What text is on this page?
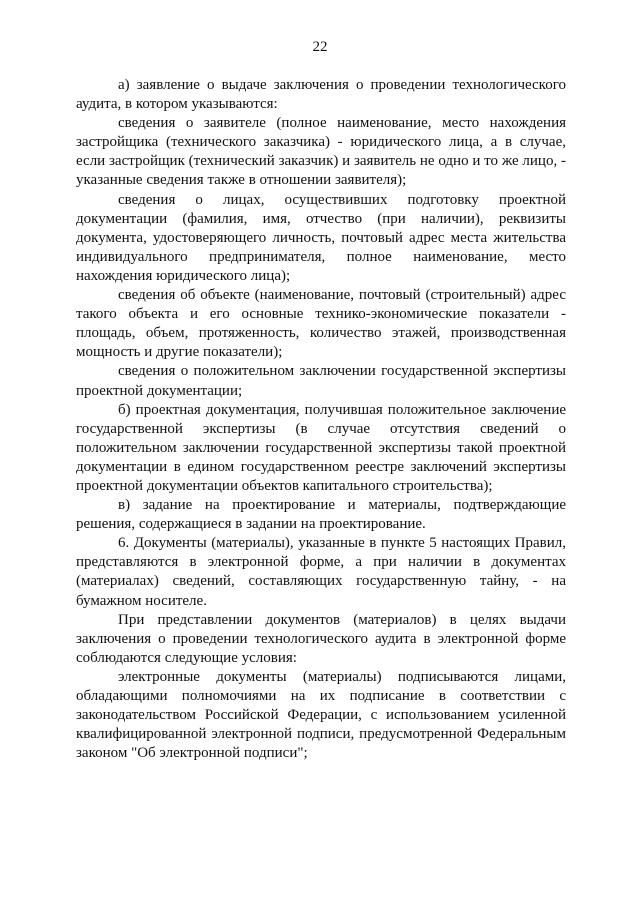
22

а) заявление о выдаче заключения о проведении технологического аудита, в котором указываются:

сведения о заявителе (полное наименование, место нахождения застройщика (технического заказчика) - юридического лица, а в случае, если застройщик (технический заказчик) и заявитель не одно и то же лицо, - указанные сведения также в отношении заявителя);

сведения о лицах, осуществивших подготовку проектной документации (фамилия, имя, отчество (при наличии), реквизиты документа, удостоверяющего личность, почтовый адрес места жительства индивидуального предпринимателя, полное наименование, место нахождения юридического лица);

сведения об объекте (наименование, почтовый (строительный) адрес такого объекта и его основные технико-экономические показатели - площадь, объем, протяженность, количество этажей, производственная мощность и другие показатели);

сведения о положительном заключении государственной экспертизы проектной документации;

б) проектная документация, получившая положительное заключение государственной экспертизы (в случае отсутствия сведений о положительном заключении государственной экспертизы такой проектной документации в едином государственном реестре заключений экспертизы проектной документации объектов капитального строительства);

в) задание на проектирование и материалы, подтверждающие решения, содержащиеся в задании на проектирование.

6. Документы (материалы), указанные в пункте 5 настоящих Правил, представляются в электронной форме, а при наличии в документах (материалах) сведений, составляющих государственную тайну, - на бумажном носителе.

При представлении документов (материалов) в целях выдачи заключения о проведении технологического аудита в электронной форме соблюдаются следующие условия:

электронные документы (материалы) подписываются лицами, обладающими полномочиями на их подписание в соответствии с законодательством Российской Федерации, с использованием усиленной квалифицированной электронной подписи, предусмотренной Федеральным законом "Об электронной подписи";
